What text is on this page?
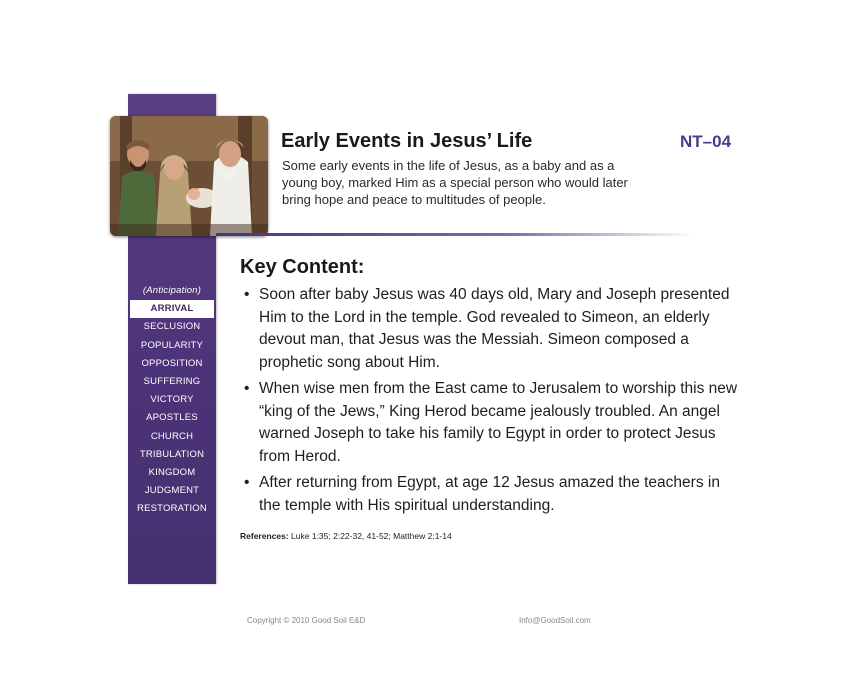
Early Events in Jesus’ Life	NT–04
Some early events in the life of Jesus, as a baby and as a young boy, marked Him as a special person who would later bring hope and peace to multitudes of people.
(Anticipation)
ARRIVAL
SECLUSION
POPULARITY
OPPOSITION
SUFFERING
VICTORY
APOSTLES
CHURCH
TRIBULATION
KINGDOM
JUDGMENT
RESTORATION
Key Content:
• Soon after baby Jesus was 40 days old, Mary and Joseph presented Him to the Lord in the temple. God revealed to Simeon, an elderly devout man, that Jesus was the Messiah. Simeon composed a prophetic song about Him.
• When wise men from the East came to Jerusalem to worship this new “king of the Jews,” King Herod became jealously troubled. An angel warned Joseph to take his family to Egypt in order to protect Jesus from Herod.
• After returning from Egypt, at age 12 Jesus amazed the teachers in the temple with His spiritual understanding.
References: Luke 1:35; 2:22-32, 41-52; Matthew 2:1-14
Copyright © 2010 Good Soil E&D	Info@GoodSoil.com
